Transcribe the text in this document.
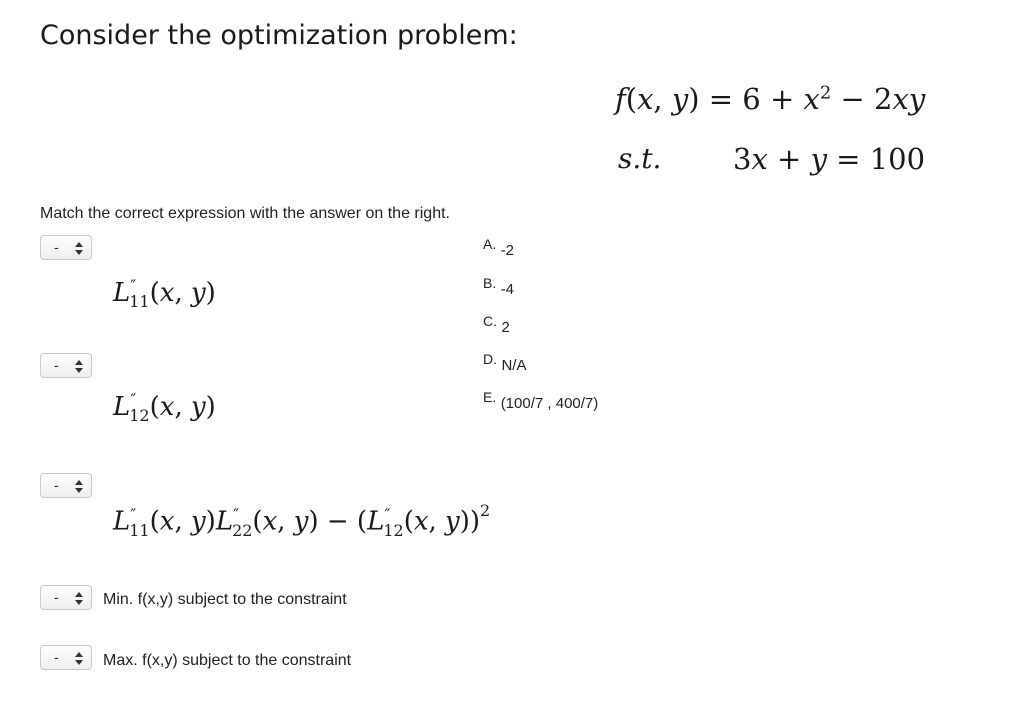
Consider the optimization problem:
f(x, $y) = 6 + x^2 - 2xy$
s.t. 3x + y = 100
Match the correct expression with the answer on the right.
-
$L''_{11}(x$, y)
-
$L''_{12}(x$, y)
-
$L''_{11}(x$, $y)L''_{22}(x$, $y) - (L''_{12}(x$, y))$^2$
-	Min. f(x,y) subject to the constraint
-	Max. f(x,y) subject to the constraint
A. -2
B. -4
C. 2
D. N/A
E. (100/7 , 400/7)
